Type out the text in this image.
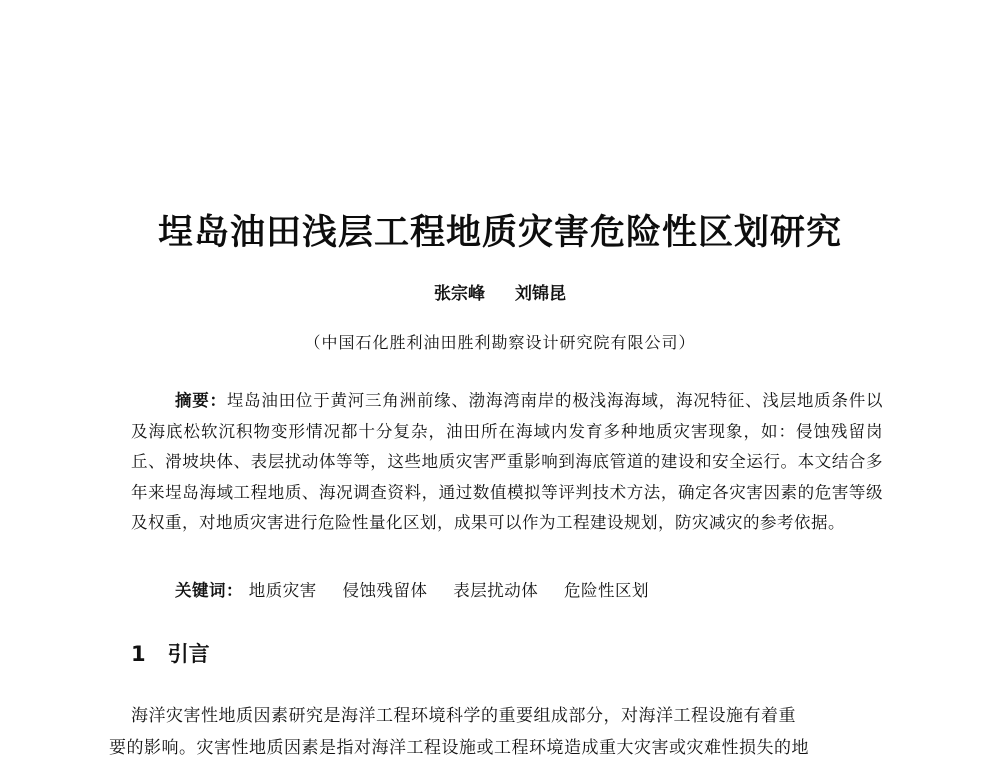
埕岛油田浅层工程地质灾害危险性区划研究
张宗峰 刘锦昆
（中国石化胜利油田胜利勘察设计研究院有限公司）
摘要：埕岛油田位于黄河三角洲前缘、渤海湾南岸的极浅海海域，海况特征、浅层地质条件以及海底松软沉积物变形情况都十分复杂，油田所在海域内发育多种地质灾害现象，如：侵蚀残留岗丘、滑坡块体、表层扰动体等等，这些地质灾害严重影响到海底管道的建设和安全运行。本文结合多年来埕岛海域工程地质、海况调查资料，通过数值模拟等评判技术方法，确定各灾害因素的危害等级及权重，对地质灾害进行危险性量化区划，成果可以作为工程建设规划，防灾减灾的参考依据。
关键词： 地质灾害 侵蚀残留体 表层扰动体 危险性区划
1 引言
海洋灾害性地质因素研究是海洋工程环境科学的重要组成部分，对海洋工程设施有着重
要的影响。灾害性地质因素是指对海洋工程设施或工程环境造成重大灾害或灾难性损失的地
